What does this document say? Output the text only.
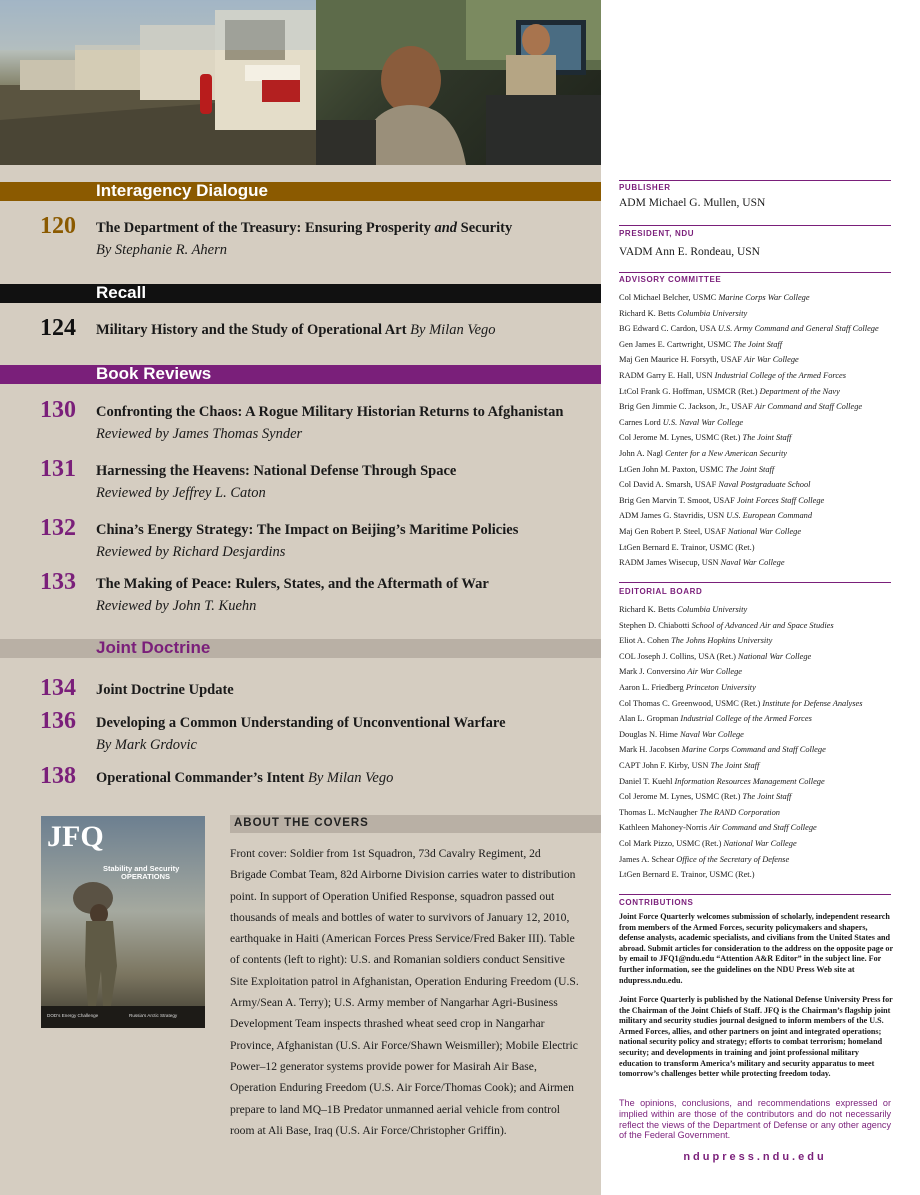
Interagency Dialogue
120 The Department of the Treasury: Ensuring Prosperity and Security
By Stephanie R. Ahern
Recall
124 Military History and the Study of Operational Art By Milan Vego
Book Reviews
130 Confronting the Chaos: A Rogue Military Historian Returns to Afghanistan
Reviewed by James Thomas Synder
131 Harnessing the Heavens: National Defense Through Space
Reviewed by Jeffrey L. Caton
132 China’s Energy Strategy: The Impact on Beijing’s Maritime Policies
Reviewed by Richard Desjardins
133 The Making of Peace: Rulers, States, and the Aftermath of War
Reviewed by John T. Kuehn
Joint Doctrine
134 Joint Doctrine Update
136 Developing a Common Understanding of Unconventional Warfare
By Mark Grdovic
138 Operational Commander’s Intent By Milan Vego
JFQ
Stability and Security
OPERATIONS
DOD’s Energy Challenge	Russia’s Arctic Strategy
ABOUT THE COVERS
Front cover: Soldier from 1st Squadron, 73d Cavalry Regiment, 2d Brigade Combat Team, 82d Airborne Division carries water to distribution point. In support of Operation Unified Response, squadron passed out thousands of meals and bottles of water to survivors of January 12, 2010, earthquake in Haiti (American Forces Press Service/Fred Baker III). Table of contents (left to right): U.S. and Romanian soldiers conduct Sensitive Site Exploitation patrol in Afghanistan, Operation Enduring Freedom (U.S. Army/Sean A. Terry); U.S. Army member of Nangarhar Agri-Business Development Team inspects thrashed wheat seed crop in Nangarhar Province, Afghanistan (U.S. Air Force/Shawn Weismiller); Mobile Electric Power–12 generator systems provide power for Masirah Air Base, Operation Enduring Freedom (U.S. Air Force/Thomas Cook); and Airmen prepare to land MQ–1B Predator unmanned aerial vehicle from control room at Ali Base, Iraq (U.S. Air Force/Christopher Griffin).
PUBLISHER
ADM Michael G. Mullen, USN
PRESIDENT, NDU
VADM Ann E. Rondeau, USN
ADVISORY COMMITTEE
Col Michael Belcher, USMC Marine Corps War College
Richard K. Betts Columbia University
BG Edward C. Cardon, USA U.S. Army Command and General Staff College
Gen James E. Cartwright, USMC The Joint Staff
Maj Gen Maurice H. Forsyth, USAF Air War College
RADM Garry E. Hall, USN Industrial College of the Armed Forces
LtCol Frank G. Hoffman, USMCR (Ret.) Department of the Navy
Brig Gen Jimmie C. Jackson, Jr., USAF Air Command and Staff College
Carnes Lord U.S. Naval War College
Col Jerome M. Lynes, USMC (Ret.) The Joint Staff
John A. Nagl Center for a New American Security
LtGen John M. Paxton, USMC The Joint Staff
Col David A. Smarsh, USAF Naval Postgraduate School
Brig Gen Marvin T. Smoot, USAF Joint Forces Staff College
ADM James G. Stavridis, USN U.S. European Command
Maj Gen Robert P. Steel, USAF National War College
LtGen Bernard E. Trainor, USMC (Ret.)
RADM James Wisecup, USN Naval War College
EDITORIAL BOARD
Richard K. Betts Columbia University
Stephen D. Chiabotti School of Advanced Air and Space Studies
Eliot A. Cohen The Johns Hopkins University
COL Joseph J. Collins, USA (Ret.) National War College
Mark J. Conversino Air War College
Aaron L. Friedberg Princeton University
Col Thomas C. Greenwood, USMC (Ret.) Institute for Defense Analyses
Alan L. Gropman Industrial College of the Armed Forces
Douglas N. Hime Naval War College
Mark H. Jacobsen Marine Corps Command and Staff College
CAPT John F. Kirby, USN The Joint Staff
Daniel T. Kuehl Information Resources Management College
Col Jerome M. Lynes, USMC (Ret.) The Joint Staff
Thomas L. McNaugher The RAND Corporation
Kathleen Mahoney-Norris Air Command and Staff College
Col Mark Pizzo, USMC (Ret.) National War College
James A. Schear Office of the Secretary of Defense
LtGen Bernard E. Trainor, USMC (Ret.)
CONTRIBUTIONS
Joint Force Quarterly welcomes submission of scholarly, independent research from members of the Armed Forces, security policymakers and shapers, defense analysts, academic specialists, and civilians from the United States and abroad. Submit articles for consideration to the address on the opposite page or by email to JFQ1@ndu.edu “Attention A&R Editor” in the subject line. For further information, see the guidelines on the NDU Press Web site at ndupress.ndu.edu.
Joint Force Quarterly is published by the National Defense University Press for the Chairman of the Joint Chiefs of Staff. JFQ is the Chairman’s flagship joint military and security studies journal designed to inform members of the U.S. Armed Forces, allies, and other partners on joint and integrated operations; national security policy and strategy; efforts to combat terrorism; homeland security; and developments in training and joint professional military education to transform America’s military and security apparatus to meet tomorrow’s challenges better while protecting freedom today.
The opinions, conclusions, and recommendations expressed or implied within are those of the contributors and do not necessarily reflect the views of the Department of Defense or any other agency of the Federal Government.
ndupress.ndu.edu
